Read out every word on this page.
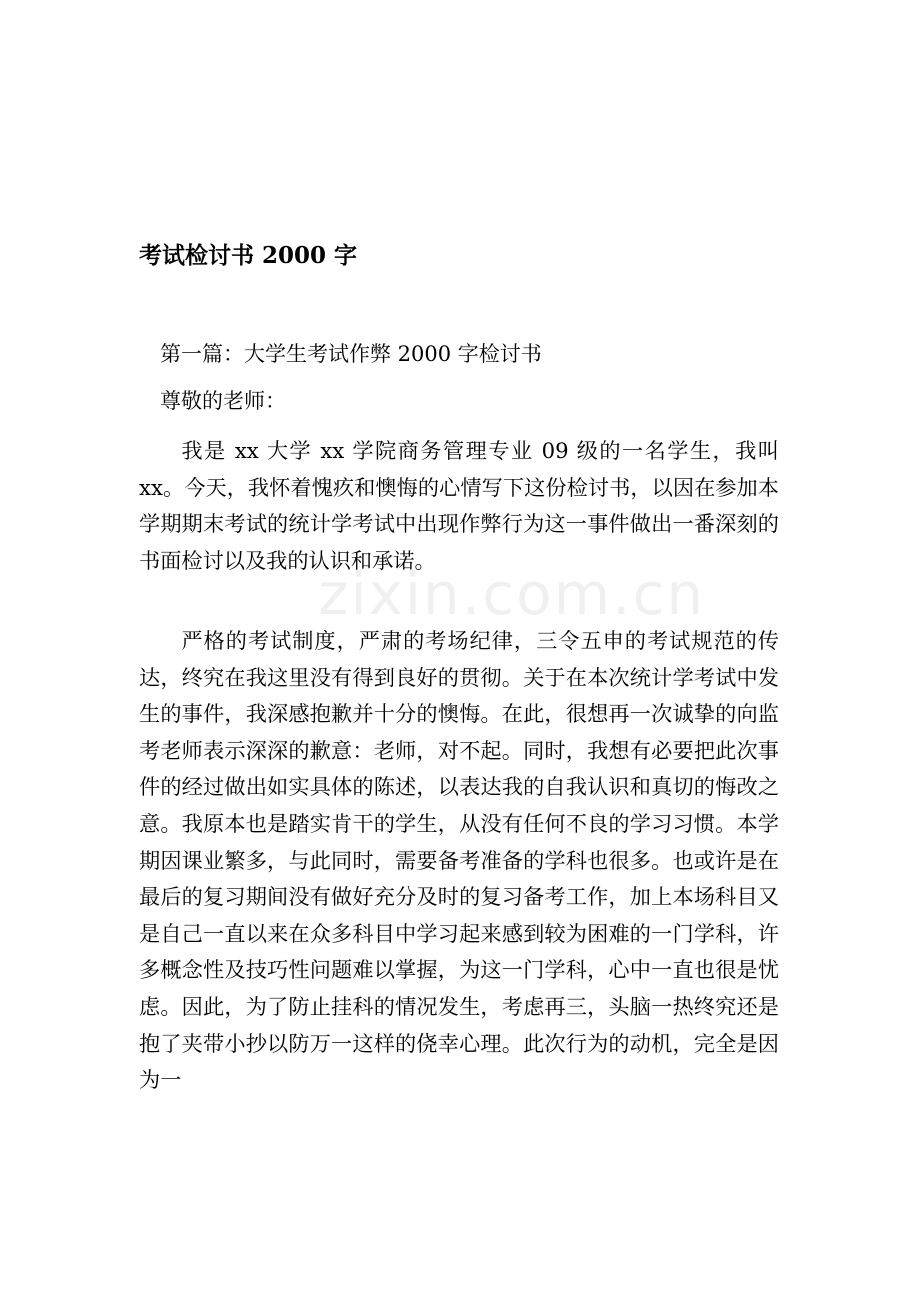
zixin.com.cn
考试检讨书 2000 字

第一篇：大学生考试作弊 2000 字检讨书

尊敬的老师：

我是 xx 大学 xx 学院商务管理专业 09 级的一名学生，我叫 xx。今天，我怀着愧疚和懊悔的心情写下这份检讨书，以因在参加本学期期末考试的统计学考试中出现作弊行为这一事件做出一番深刻的书面检讨以及我的认识和承诺。

严格的考试制度，严肃的考场纪律，三令五申的考试规范的传达，终究在我这里没有得到良好的贯彻。关于在本次统计学考试中发生的事件，我深感抱歉并十分的懊悔。在此，很想再一次诚挚的向监考老师表示深深的歉意：老师，对不起。同时，我想有必要把此次事件的经过做出如实具体的陈述，以表达我的自我认识和真切的悔改之意。我原本也是踏实肯干的学生，从没有任何不良的学习习惯。本学期因课业繁多，与此同时，需要备考准备的学科也很多。也或许是在最后的复习期间没有做好充分及时的复习备考工作，加上本场科目又是自己一直以来在众多科目中学习起来感到较为困难的一门学科，许多概念性及技巧性问题难以掌握，为这一门学科，心中一直也很是忧虑。因此，为了防止挂科的情况发生，考虑再三，头脑一热终究还是抱了夹带小抄以防万一这样的侥幸心理。此次行为的动机，完全是因为一
